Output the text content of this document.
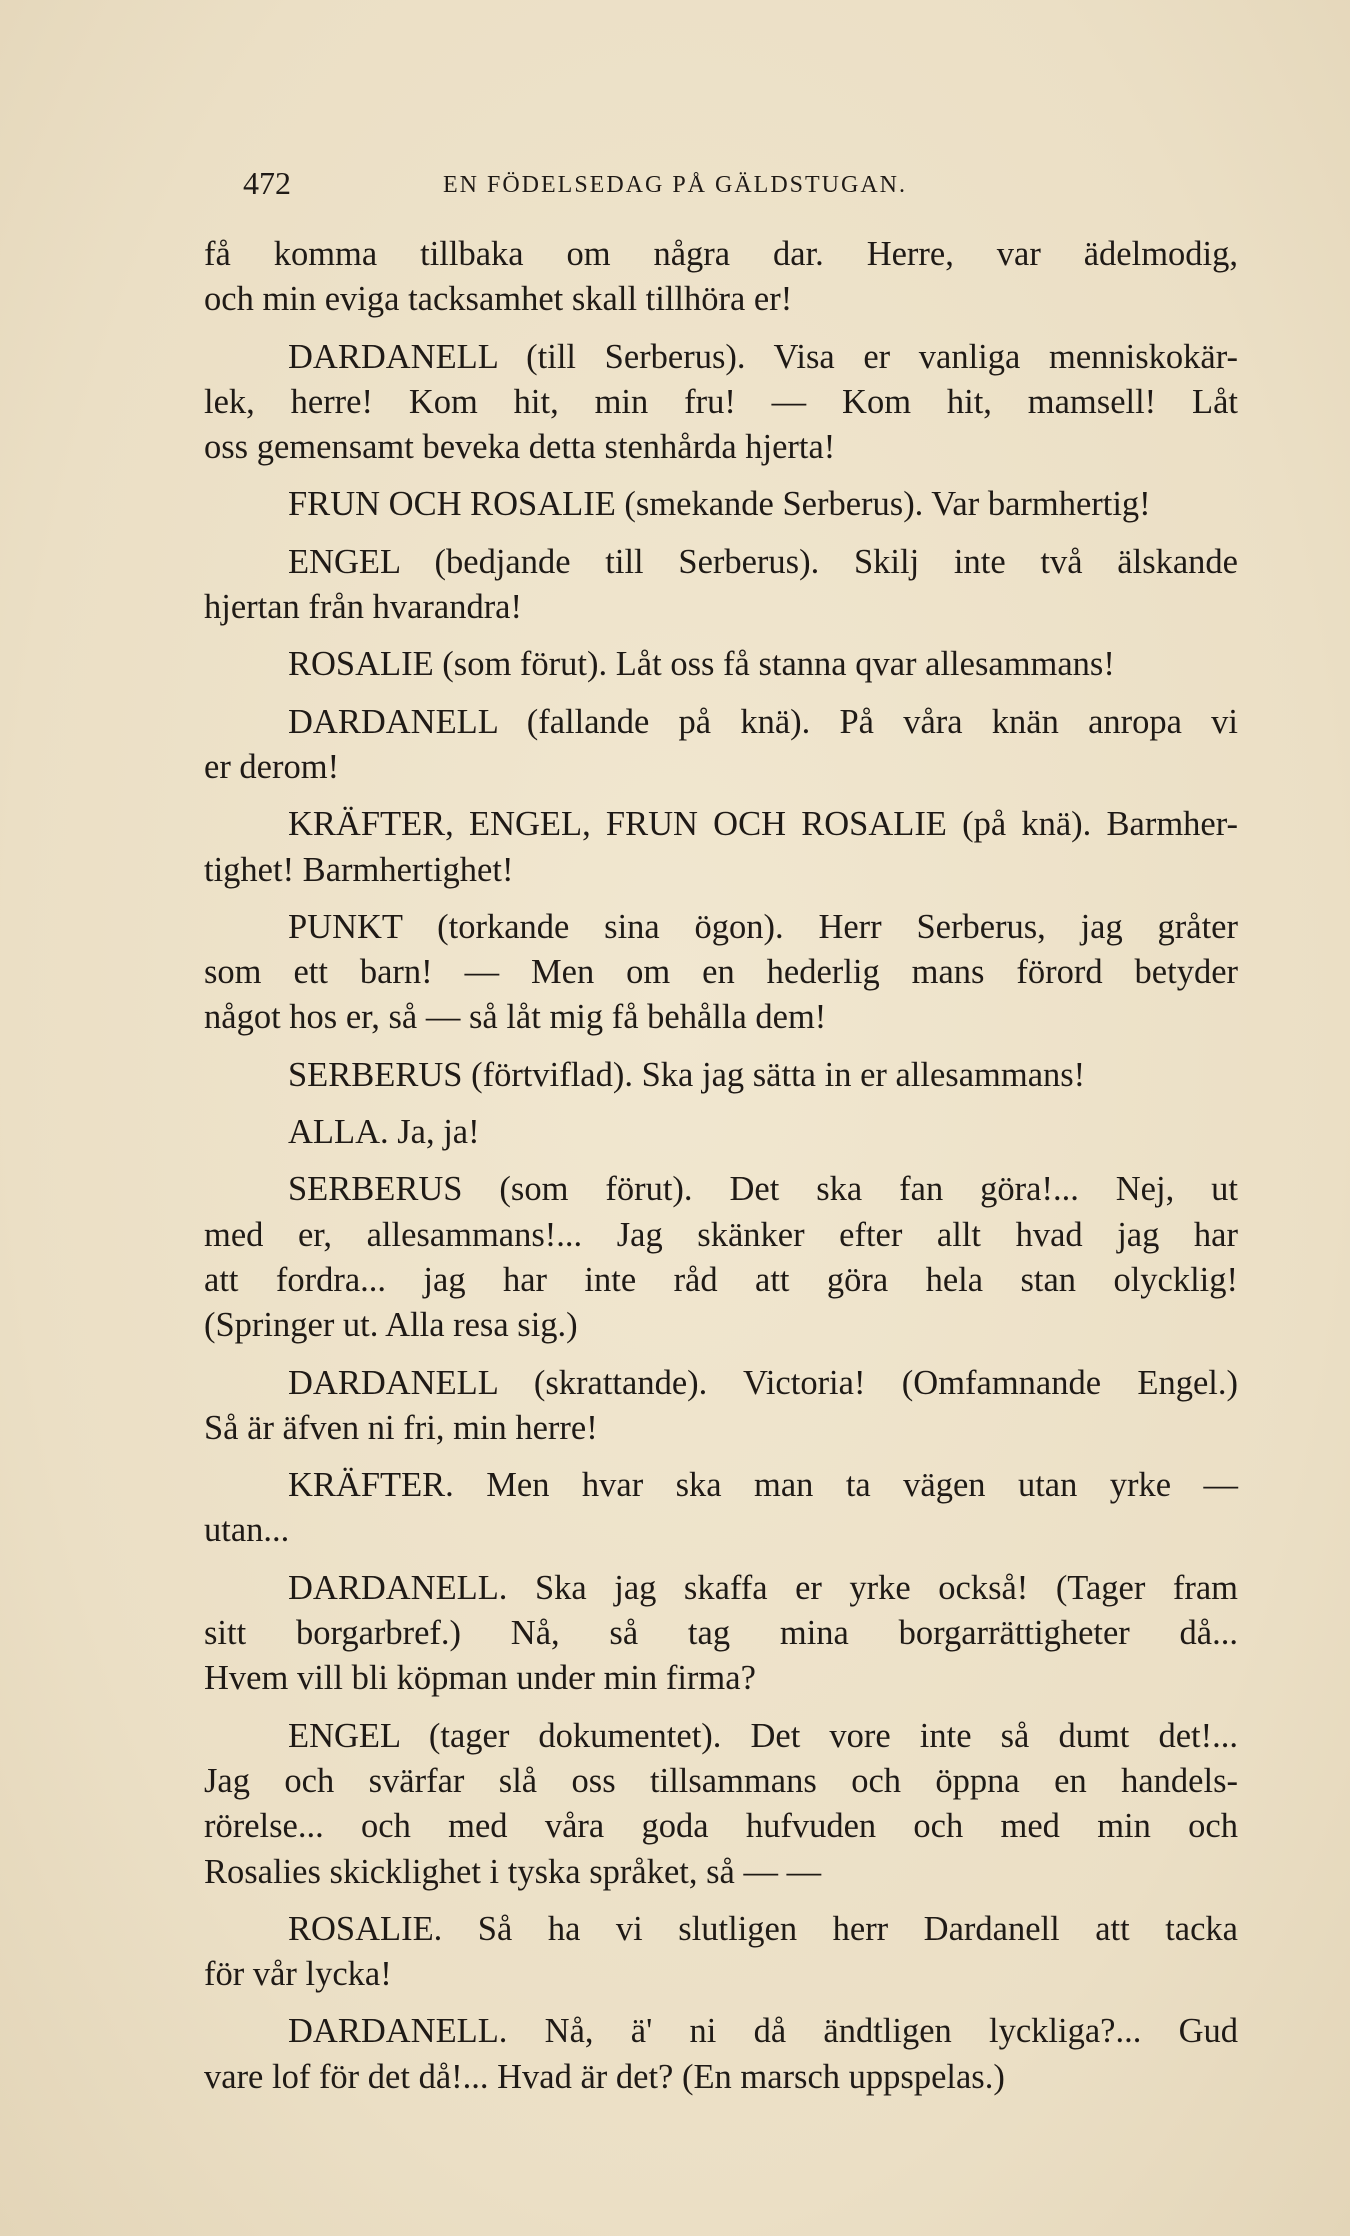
472	EN FÖDELSEDAG PÅ GÄLDSTUGAN.
få komma tillbaka om några dar. Herre, var ädelmodig,
och min eviga tacksamhet skall tillhöra er!
DARDANELL (till Serberus). Visa er vanliga menniskokär-
lek, herre! Kom hit, min fru! — Kom hit, mamsell! Låt
oss gemensamt beveka detta stenhårda hjerta!
FRUN OCH ROSALIE (smekande Serberus). Var barmhertig!
ENGEL (bedjande till Serberus). Skilj inte två älskande
hjertan från hvarandra!
ROSALIE (som förut). Låt oss få stanna qvar allesammans!
DARDANELL (fallande på knä). På våra knän anropa vi
er derom!
KRÄFTER, ENGEL, FRUN OCH ROSALIE (på knä). Barmher-
tighet! Barmhertighet!
PUNKT (torkande sina ögon). Herr Serberus, jag gråter
som ett barn! — Men om en hederlig mans förord betyder
något hos er, så — så låt mig få behålla dem!
SERBERUS (förtviflad). Ska jag sätta in er allesammans!
ALLA. Ja, ja!
SERBERUS (som förut). Det ska fan göra!... Nej, ut
med er, allesammans!... Jag skänker efter allt hvad jag har
att fordra... jag har inte råd att göra hela stan olycklig!
(Springer ut. Alla resa sig.)
DARDANELL (skrattande). Victoria! (Omfamnande Engel.)
Så är äfven ni fri, min herre!
KRÄFTER. Men hvar ska man ta vägen utan yrke —
utan...
DARDANELL. Ska jag skaffa er yrke också! (Tager fram
sitt borgarbref.) Nå, så tag mina borgarrättigheter då...
Hvem vill bli köpman under min firma?
ENGEL (tager dokumentet). Det vore inte så dumt det!...
Jag och svärfar slå oss tillsammans och öppna en handels-
rörelse... och med våra goda hufvuden och med min och
Rosalies skicklighet i tyska språket, så — —
ROSALIE. Så ha vi slutligen herr Dardanell att tacka
för vår lycka!
DARDANELL. Nå, ä' ni då ändtligen lyckliga?... Gud
vare lof för det då!... Hvad är det? (En marsch uppspelas.)
